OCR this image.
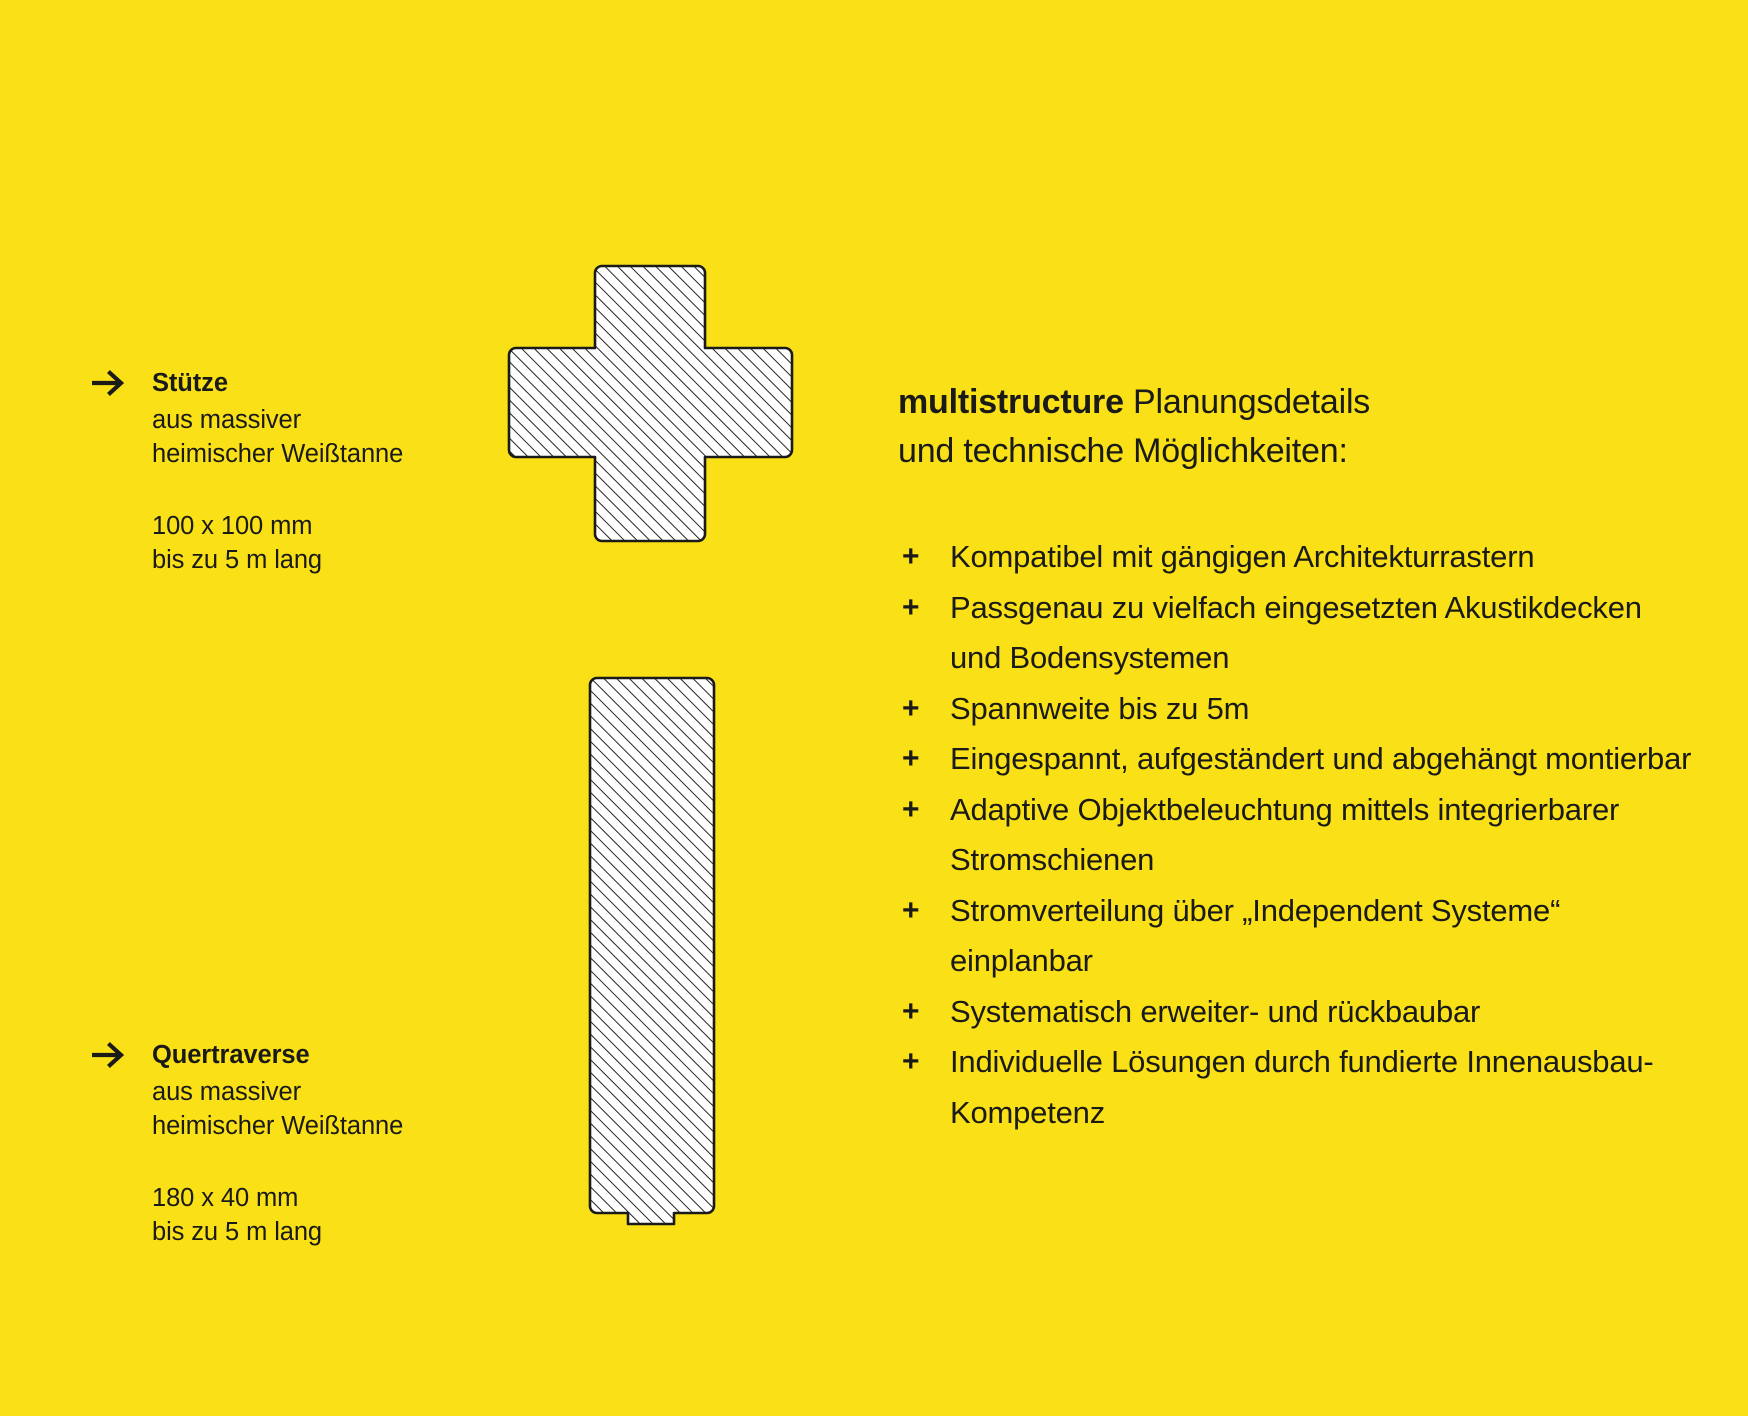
Stütze
aus massiver
heimischer Weißtanne
100 x 100 mm
bis zu 5 m lang
Quertraverse
aus massiver
heimischer Weißtanne
180 x 40 mm
bis zu 5 m lang
multistructure Planungsdetails
und technische Möglichkeiten:
+ Kompatibel mit gängigen Architekturrastern
+ Passgenau zu vielfach eingesetzten Akustikdecken und Bodensystemen
+ Spannweite bis zu 5m
+ Eingespannt, aufgeständert und abgehängt montierbar
+ Adaptive Objektbeleuchtung mittels integrierbarer Stromschienen
+ Stromverteilung über „Independent Systeme“ einplanbar
+ Systematisch erweiter- und rückbaubar
+ Individuelle Lösungen durch fundierte Innenausbau-Kompetenz
